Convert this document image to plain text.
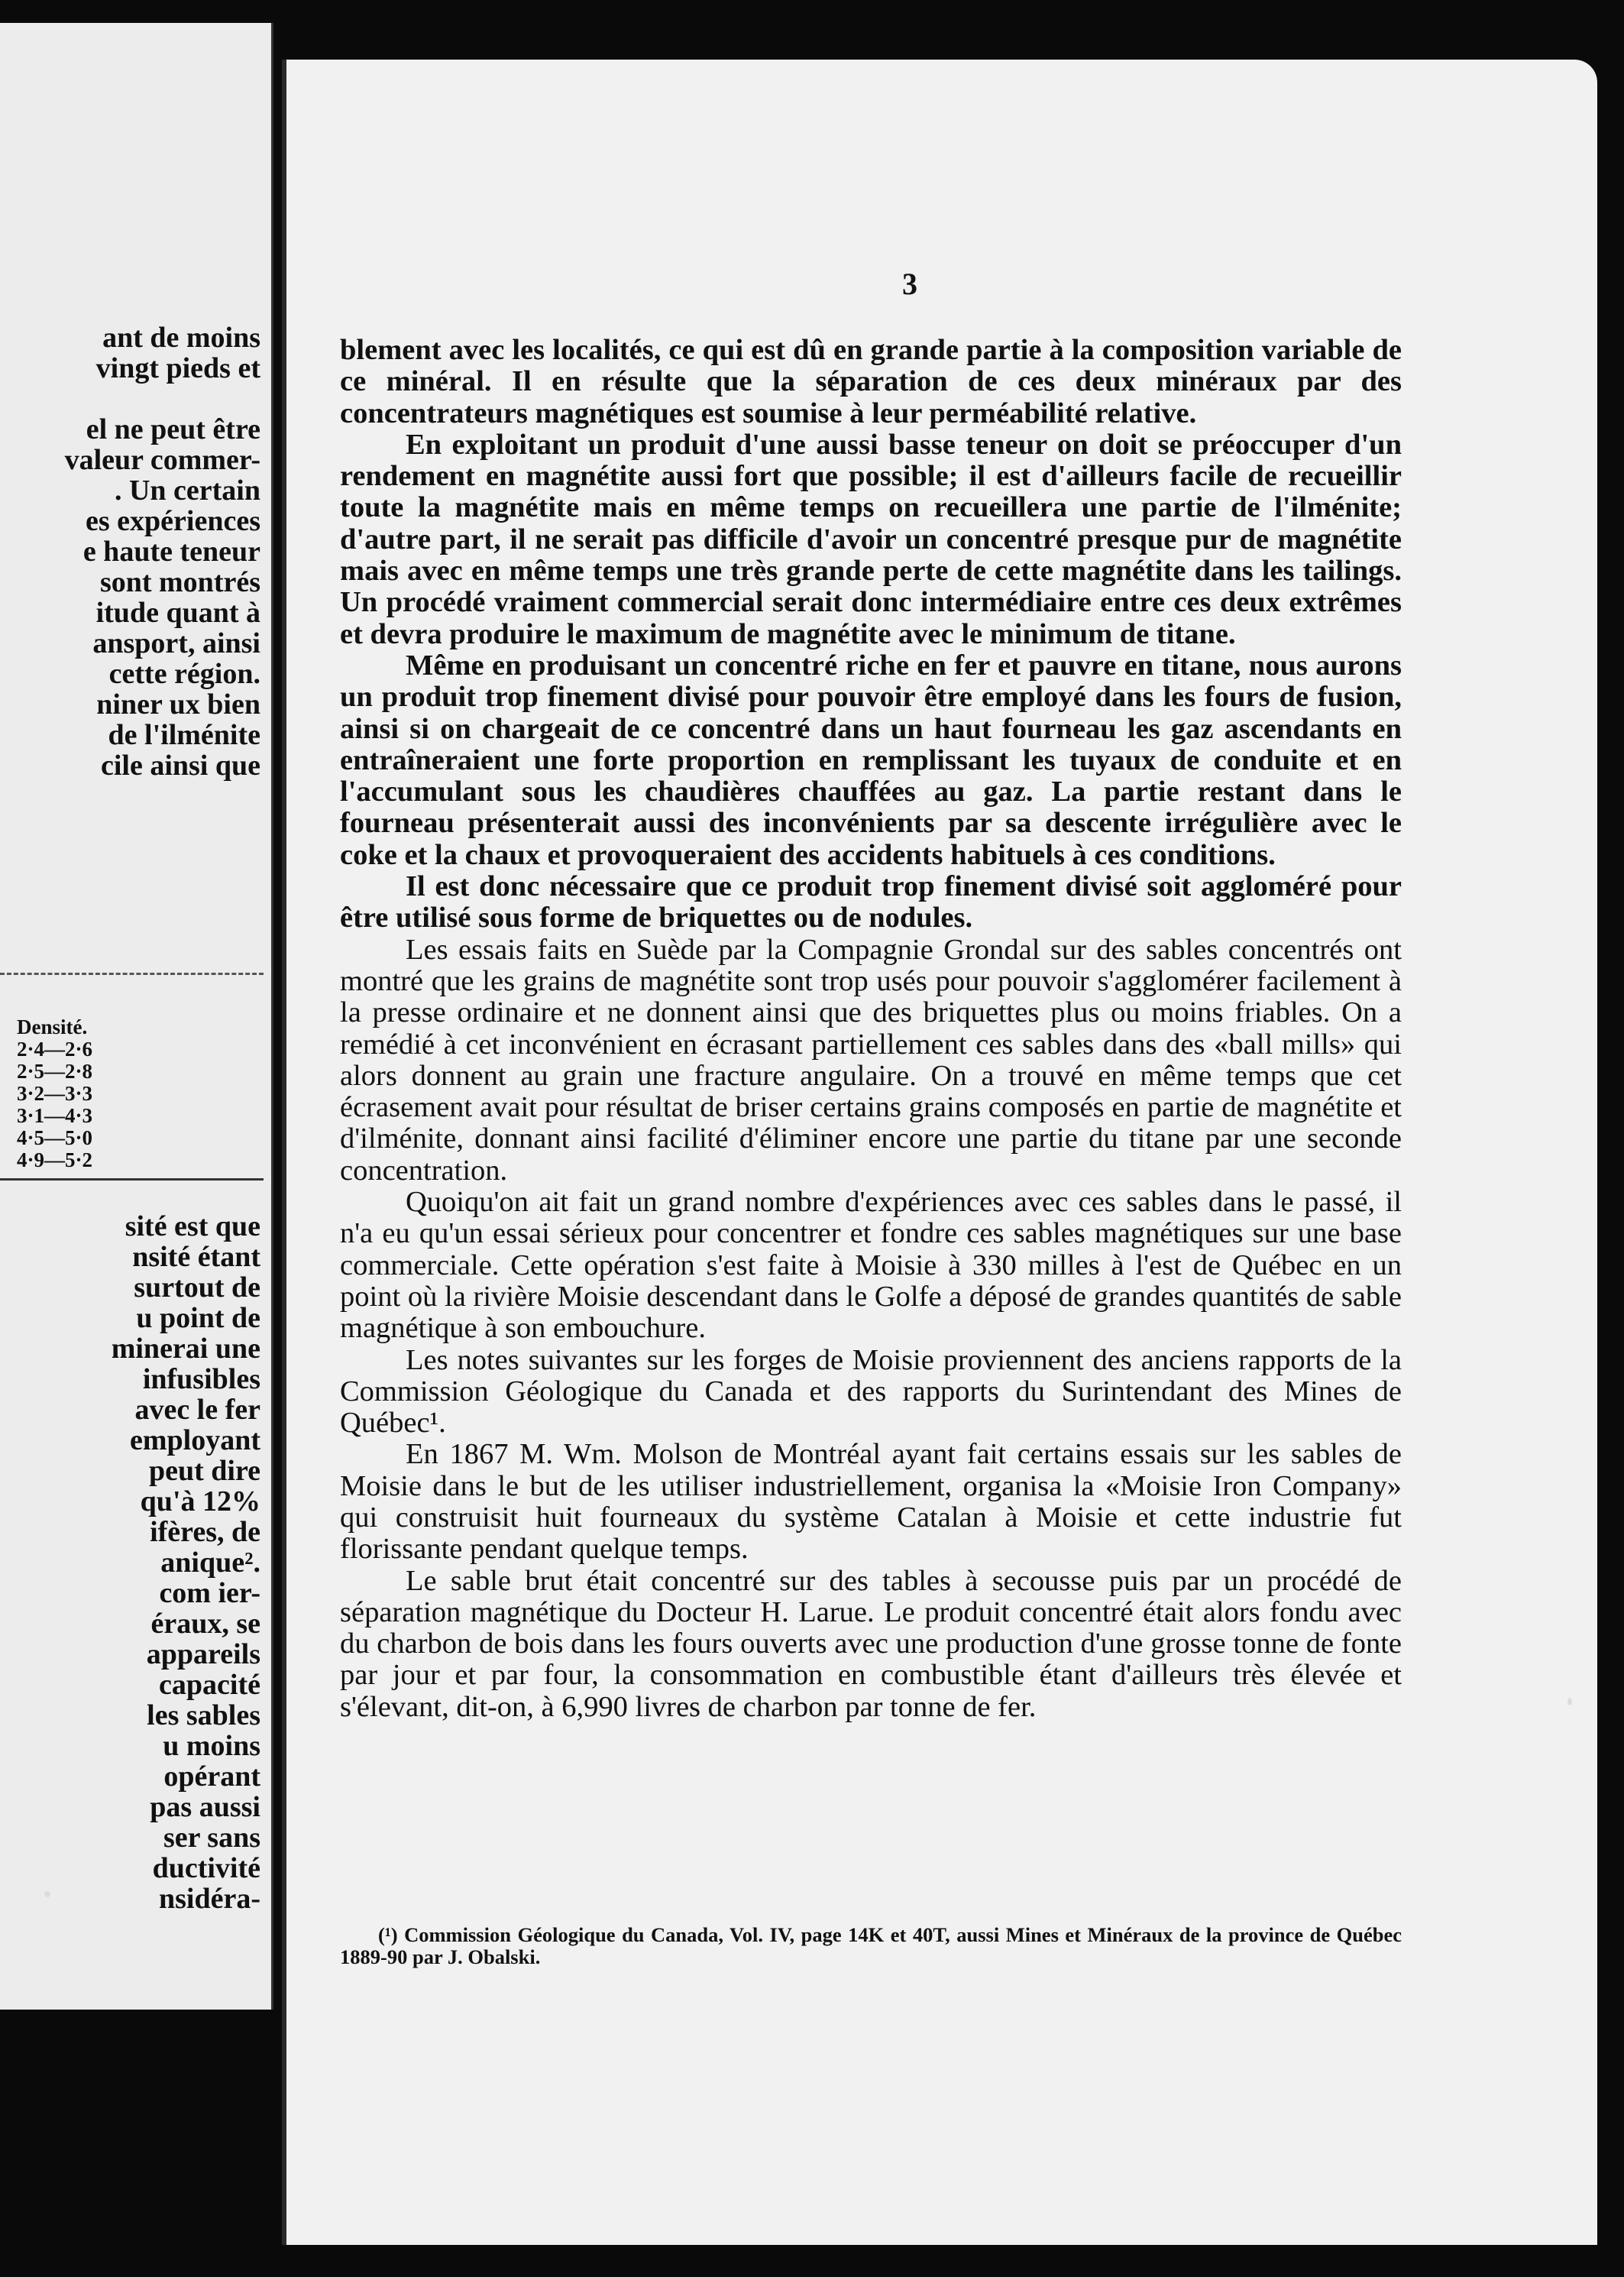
ant de moins
vingt pieds et

el ne peut être
valeur commer-
. Un certain
es expériences
e haute teneur
sont montrés
itude quant à
ansport, ainsi
cette région.
niner ux bien
de l'ilménite
cile ainsi que
Densité.
2·4—2·6
2·5—2·8
3·2—3·3
3·1—4·3
4·5—5·0
4·9—5·2
sité est que
nsité étant
surtout de
u point de
minerai une
infusibles
avec le fer
employant
peut dire
qu'à 12%
ifères, de
anique².
com ier-
éraux, se
appareils
capacité
les sables
u moins
opérant
pas aussi
ser sans
ductivité
nsidéra-
3

blement avec les localités, ce qui est dû en grande partie à la composition variable de ce minéral. Il en résulte que la séparation de ces deux minéraux par des concentrateurs magnétiques est soumise à leur perméabilité relative.

En exploitant un produit d'une aussi basse teneur on doit se préoccuper d'un rendement en magnétite aussi fort que possible; il est d'ailleurs facile de recueillir toute la magnétite mais en même temps on recueillera une partie de l'ilménite; d'autre part, il ne serait pas difficile d'avoir un concentré presque pur de magnétite mais avec en même temps une très grande perte de cette magnétite dans les tailings. Un procédé vraiment commercial serait donc intermédiaire entre ces deux extrêmes et devra produire le maximum de magnétite avec le minimum de titane.

Même en produisant un concentré riche en fer et pauvre en titane, nous aurons un produit trop finement divisé pour pouvoir être employé dans les fours de fusion, ainsi si on chargeait de ce concentré dans un haut fourneau les gaz ascendants en entraîneraient une forte proportion en remplissant les tuyaux de conduite et en l'accumulant sous les chaudières chauffées au gaz. La partie restant dans le fourneau présenterait aussi des inconvénients par sa descente irrégulière avec le coke et la chaux et provoqueraient des accidents habituels à ces conditions.

Il est donc nécessaire que ce produit trop finement divisé soit aggloméré pour être utilisé sous forme de briquettes ou de nodules.

Les essais faits en Suède par la Compagnie Grondal sur des sables concentrés ont montré que les grains de magnétite sont trop usés pour pouvoir s'agglomérer facilement à la presse ordinaire et ne donnent ainsi que des briquettes plus ou moins friables. On a remédié à cet inconvénient en écrasant partiellement ces sables dans des «ball mills» qui alors donnent au grain une fracture angulaire. On a trouvé en même temps que cet écrasement avait pour résultat de briser certains grains composés en partie de magnétite et d'ilménite, donnant ainsi facilité d'éliminer encore une partie du titane par une seconde concentration.

Quoiqu'on ait fait un grand nombre d'expériences avec ces sables dans le passé, il n'a eu qu'un essai sérieux pour concentrer et fondre ces sables magnétiques sur une base commerciale. Cette opération s'est faite à Moisie à 330 milles à l'est de Québec en un point où la rivière Moisie descendant dans le Golfe a déposé de grandes quantités de sable magnétique à son embouchure.

Les notes suivantes sur les forges de Moisie proviennent des anciens rapports de la Commission Géologique du Canada et des rapports du Surintendant des Mines de Québec¹.

En 1867 M. Wm. Molson de Montréal ayant fait certains essais sur les sables de Moisie dans le but de les utiliser industriellement, organisa la «Moisie Iron Company» qui construisit huit fourneaux du système Catalan à Moisie et cette industrie fut florissante pendant quelque temps.

Le sable brut était concentré sur des tables à secousse puis par un procédé de séparation magnétique du Docteur H. Larue. Le produit concentré était alors fondu avec du charbon de bois dans les fours ouverts avec une production d'une grosse tonne de fonte par jour et par four, la consommation en combustible étant d'ailleurs très élevée et s'élevant, dit-on, à 6,990 livres de charbon par tonne de fer.

(¹) Commission Géologique du Canada, Vol. IV, page 14K et 40T, aussi Mines et Minéraux de la province de Québec 1889-90 par J. Obalski.
